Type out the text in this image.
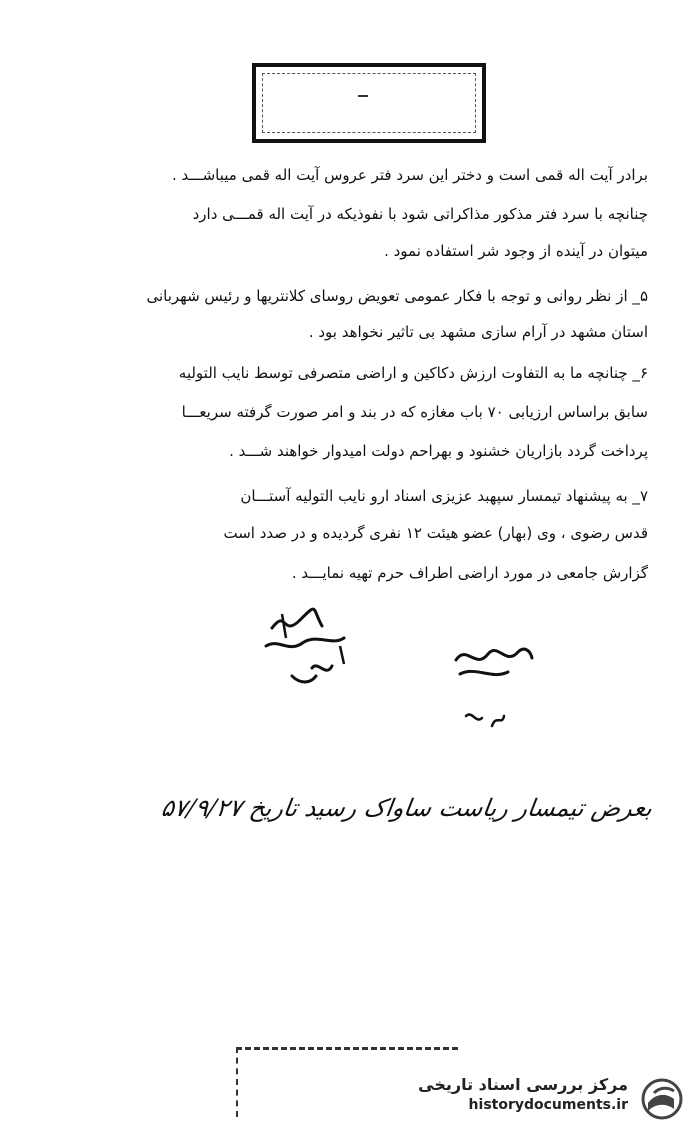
برادر آیت اله قمی است و دختر این سرد فتر عروس آیت اله قمی میباشـــد .
چنانچه با سرد فتر مذکور مذاکراتی شود با نفوذیکه در آیت اله قمـــی دارد
میتوان در آینده از وجود شر استفاده نمود .
۵_ از نظر روانی و توجه با فکار عمومی تعویض روسای کلانتریها و رئیس شهربانی
استان مشهد در آرام سازی مشهد بی تاثیر نخواهد بود .
۶_ چنانچه ما به التفاوت ارزش دکاکین و اراضی متصرفی توسط نایب التولیه
سابق براساس ارزیابی ۷۰ باب مغازه که در بند و امر صورت گرفته سریعـــا
پرداخت گردد بازاریان خشنود و بهراحم دولت امیدوار خواهند شـــد .
۷_ به پیشنهاد تیمسار سپهبد عزیزی اسناد ارو نایب التولیه آستـــان
قدس رضوی ، وی (بهار) عضو هیئت ۱۲ نفری گردیده و در صدد است
گزارش جامعی در مورد اراضی اطراف حرم تهیه نمایـــد .
بعرض تیمسار ریاست ساواک رسید تاریخ ۵۷/۹/۲۷
مرکز بررسی اسناد تاریخی
historydocuments.ir
